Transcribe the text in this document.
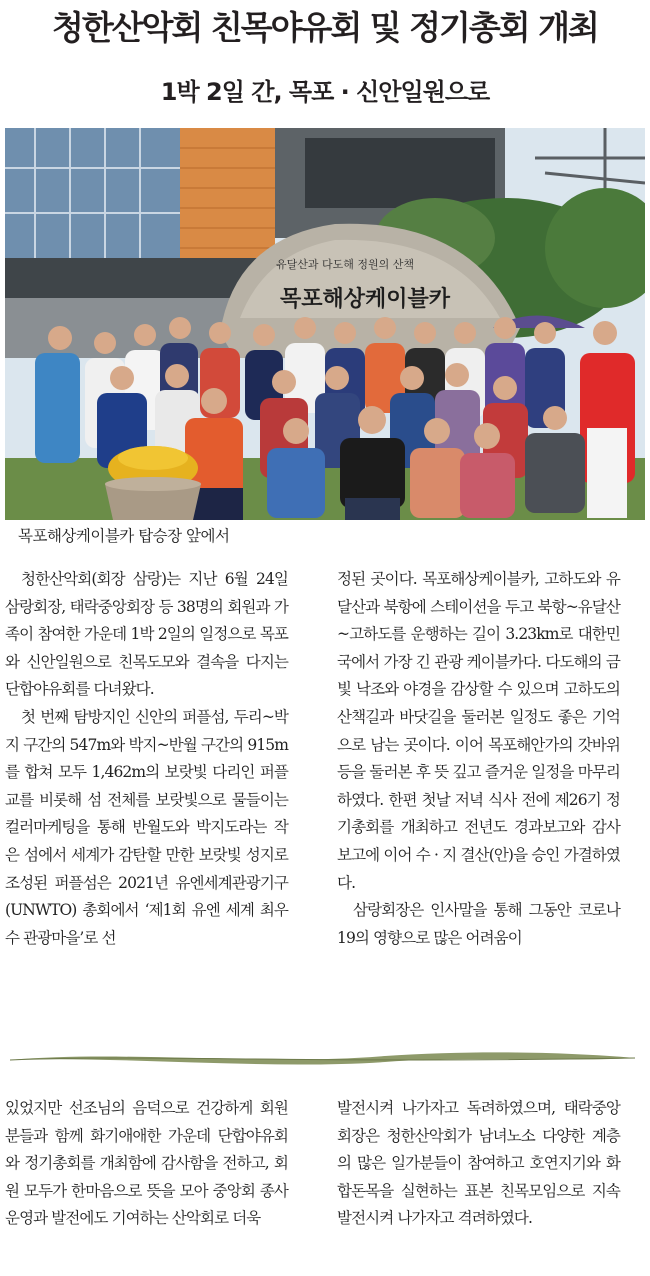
청한산악회 친목야유회 및 정기총회 개최
1박 2일 간, 목포 · 신안일원으로
유달산과 다도해 정원의 산책
목포해상케이블카
목포해상케이블카 탑승장 앞에서

청한산악회(회장 삼랑)는 지난 6월 24일 삼랑회장, 태락중앙회장 등 38명의 회원과 가족이 참여한 가운데 1박 2일의 일정으로 목포와 신안일원으로 친목도모와 결속을 다지는 단합야유회를 다녀왔다.

첫 번째 탐방지인 신안의 퍼플섬, 두리~박지 구간의 547m와 박지~반월 구간의 915m를 합쳐 모두 1,462m의 보랏빛 다리인 퍼플교를 비롯해 섬 전체를 보랏빛으로 물들이는 컬러마케팅을 통해 반월도와 박지도라는 작은 섬에서 세계가 감탄할 만한 보랏빛 성지로 조성된 퍼플섬은 2021년 유엔세계관광기구(UNWTO) 총회에서 ‘제1회 유엔 세계 최우수 관광마을’로 선

정된 곳이다. 목포해상케이블카, 고하도와 유달산과 북항에 스테이션을 두고 북항~유달산~고하도를 운행하는 길이 3.23km로 대한민국에서 가장 긴 관광 케이블카다. 다도해의 금빛 낙조와 야경을 감상할 수 있으며 고하도의 산책길과 바닷길을 둘러본 일정도 좋은 기억으로 남는 곳이다. 이어 목포해안가의 갓바위 등을 둘러본 후 뜻 깊고 즐거운 일정을 마무리 하였다. 한편 첫날 저녁 식사 전에 제26기 정기총회를 개최하고 전년도 경과보고와 감사보고에 이어 수 · 지 결산(안)을 승인 가결하였다.

삼랑회장은 인사말을 통해 그동안 코로나19의 영향으로 많은 어려움이

있었지만 선조님의 음덕으로 건강하게 회원분들과 함께 화기애애한 가운데 단합야유회와 정기총회를 개최함에 감사함을 전하고, 회원 모두가 한마음으로 뜻을 모아 중앙회 종사운영과 발전에도 기여하는 산악회로 더욱

발전시켜 나가자고 독려하였으며, 태락중앙회장은 청한산악회가 남녀노소 다양한 계층의 많은 일가분들이 참여하고 호연지기와 화합돈목을 실현하는 표본 친목모임으로 지속 발전시켜 나가자고 격려하였다.
